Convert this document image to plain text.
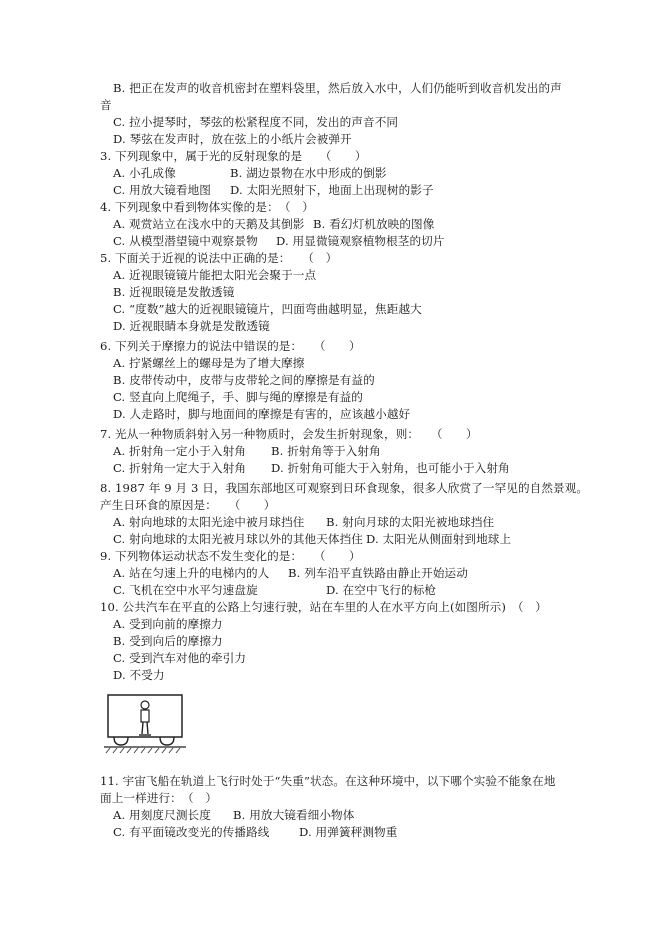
B. 把正在发声的收音机密封在塑料袋里，然后放入水中，人们仍能听到收音机发出的声
音
C. 拉小提琴时，琴弦的松紧程度不同，发出的声音不同
D. 琴弦在发声时，放在弦上的小纸片会被弹开
3. 下列现象中，属于光的反射现象的是　　（　　）
A. 小孔成像	B. 湖边景物在水中形成的倒影
C. 用放大镜看地图	D. 太阳光照射下，地面上出现树的影子
4. 下列现象中看到物体实像的是：　（　）
A. 观赏站立在浅水中的天鹅及其倒影 B. 看幻灯机放映的图像
C. 从模型潜望镜中观察景物	D. 用显微镜观察植物根茎的切片
5. 下面关于近视的说法中正确的是：　　（　）
A. 近视眼镜镜片能把太阳光会聚于一点
B. 近视眼镜是发散透镜
C. “度数”越大的近视眼镜镜片，凹面弯曲越明显，焦距越大
D. 近视眼睛本身就是发散透镜
6. 下列关于摩擦力的说法中错误的是：　　（　　）
A. 拧紧螺丝上的螺母是为了增大摩擦
B. 皮带传动中，皮带与皮带轮之间的摩擦是有益的
C. 竖直向上爬绳子，手、脚与绳的摩擦是有益的
D. 人走路时，脚与地面间的摩擦是有害的，应该越小越好
7. 光从一种物质斜射入另一种物质时，会发生折射现象，则：　　（　　）
A. 折射角一定小于入射角	B. 折射角等于入射角
C. 折射角一定大于入射角	D. 折射角可能大于入射角，也可能小于入射角
8. 1987 年 9 月 3 日，我国东部地区可观察到日环食现象，很多人欣赏了一罕见的自然景观。
产生日环食的原因是：　　（　　）
A. 射向地球的太阳光途中被月球挡住	B. 射向月球的太阳光被地球挡住
C. 射向地球的太阳光被月球以外的其他天体挡住 D. 太阳光从侧面射到地球上
9. 下列物体运动状态不发生变化的是：　　（　　）
A. 站在匀速上升的电梯内的人	B. 列车沿平直铁路由静止开始运动
C. 飞机在空中水平匀速盘旋	D. 在空中飞行的标枪
10. 公共汽车在平直的公路上匀速行驶，站在车里的人在水平方向上(如图所示)　（　）
A. 受到向前的摩擦力
B. 受到向后的摩擦力
C. 受到汽车对他的牵引力
D. 不受力
11. 宇宙飞船在轨道上飞行时处于“失重”状态。在这种环境中，以下哪个实验不能象在地
面上一样进行：　（　）
A. 用刻度尺测长度	B. 用放大镜看细小物体
C. 有平面镜改变光的传播路线	D. 用弹簧秤测物重
